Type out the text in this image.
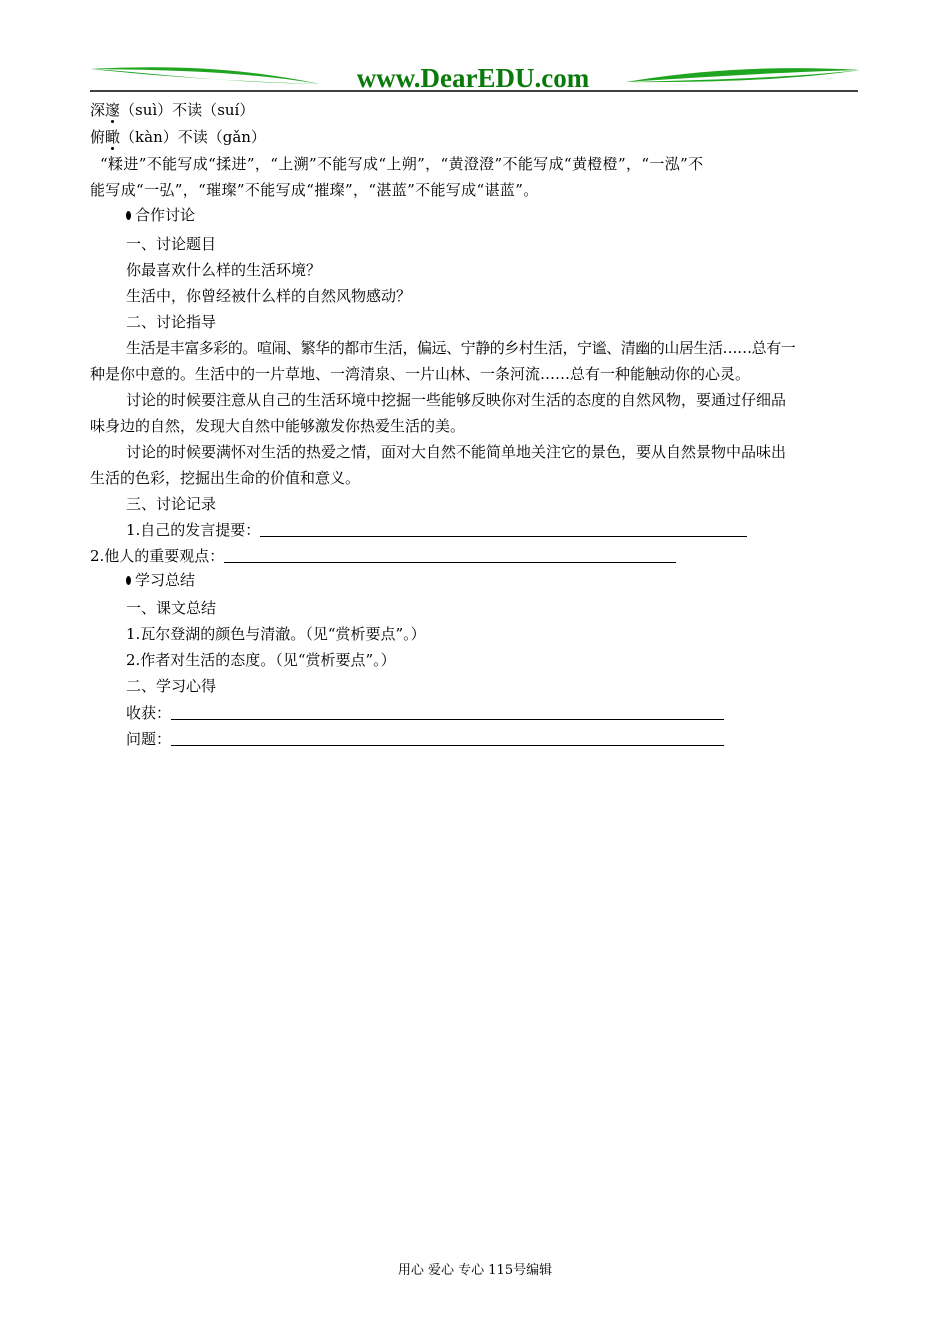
www.DearEDU.com
深邃（suì）不读（suí）
俯瞰（kàn）不读（gǎn）
“糅进”不能写成“揉进”，“上溯”不能写成“上朔”，“黄澄澄”不能写成“黄橙橙”，“一泓”不
能写成“一弘”，“璀璨”不能写成“摧璨”，“湛蓝”不能写成“谌蓝”。
合作讨论
一、讨论题目
你最喜欢什么样的生活环境？
生活中，你曾经被什么样的自然风物感动？
二、讨论指导
生活是丰富多彩的。喧闹、繁华的都市生活，偏远、宁静的乡村生活，宁谧、清幽的山居生活……总有一
种是你中意的。生活中的一片草地、一湾清泉、一片山林、一条河流……总有一种能触动你的心灵。
讨论的时候要注意从自己的生活环境中挖掘一些能够反映你对生活的态度的自然风物，要通过仔细品
味身边的自然，发现大自然中能够激发你热爱生活的美。
讨论的时候要满怀对生活的热爱之情，面对大自然不能简单地关注它的景色，要从自然景物中品味出
生活的色彩，挖掘出生命的价值和意义。
三、讨论记录
1.自己的发言提要：
2.他人的重要观点：
学习总结
一、课文总结
1.瓦尔登湖的颜色与清澈。（见“赏析要点”。）
2.作者对生活的态度。（见“赏析要点”。）
二、学习心得
收获：
问题：
用心 爱心 专心 115号编辑
